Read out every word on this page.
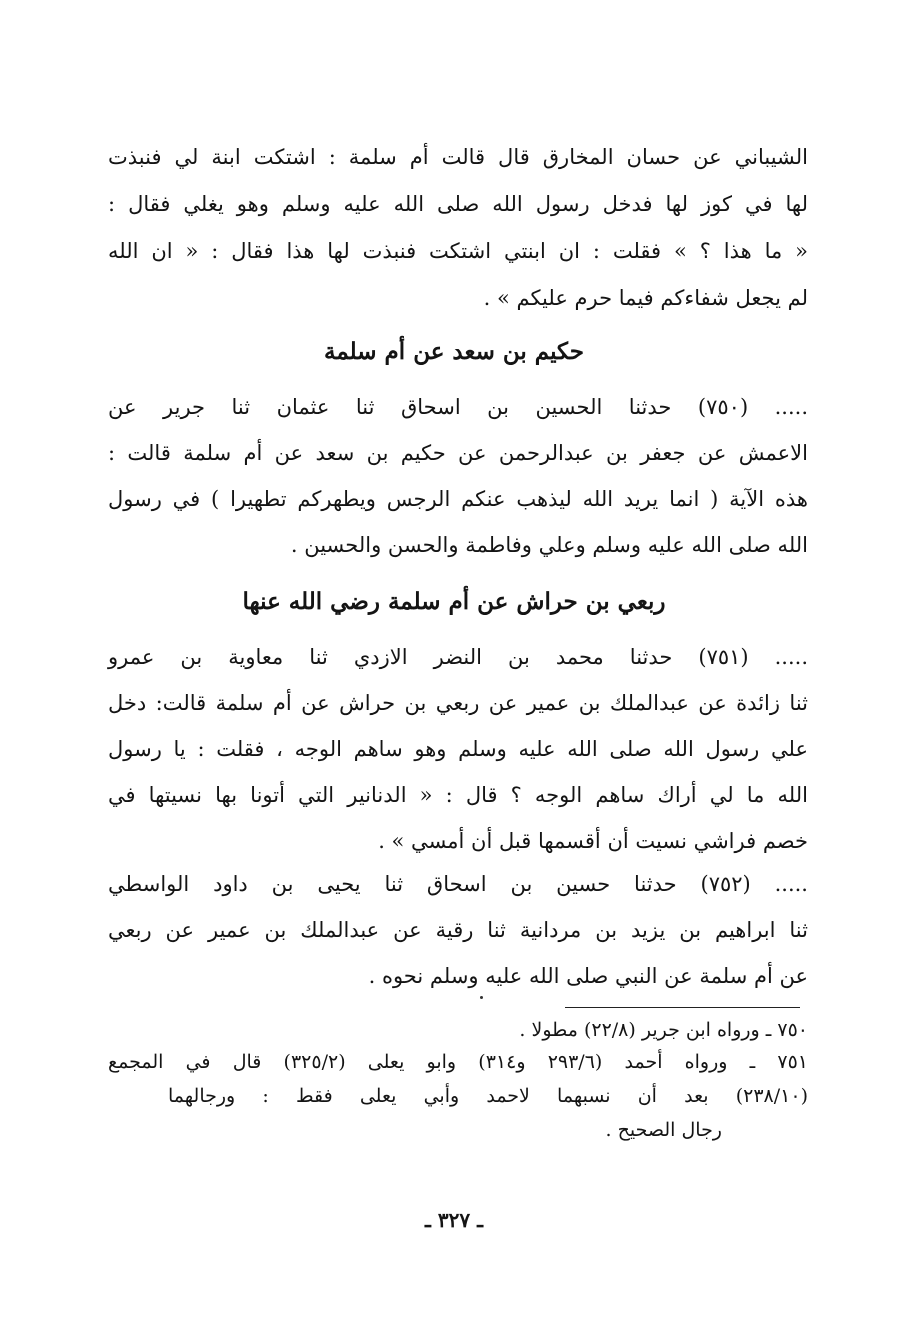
الشيباني عن حسان المخارق قال قالت أم سلمة : اشتكت ابنة لي فنبذت
لها في كوز لها فدخل رسول الله صلى الله عليه وسلم وهو يغلي فقال :
« ما هذا ؟ » فقلت : ان ابنتي اشتكت فنبذت لها هذا فقال : « ان الله
لم يجعل شفاءكم فيما حرم عليكم » .
حكيم بن سعد عن أم سلمة
..... (٧٥٠) حدثنا الحسين بن اسحاق ثنا عثمان ثنا جرير عن
الاعمش عن جعفر بن عبدالرحمن عن حكيم بن سعد عن أم سلمة قالت :
هذه الآية ( انما يريد الله ليذهب عنكم الرجس ويطهركم تطهيرا ) في رسول
الله صلى الله عليه وسلم وعلي وفاطمة والحسن والحسين .
ربعي بن حراش عن أم سلمة رضي الله عنها
..... (٧٥١) حدثنا محمد بن النضر الازدي ثنا معاوية بن عمرو
ثنا زائدة عن عبدالملك بن عمير عن ربعي بن حراش عن أم سلمة قالت: دخل
علي رسول الله صلى الله عليه وسلم وهو ساهم الوجه ، فقلت : يا رسول
الله ما لي أراك ساهم الوجه ؟ قال : « الدنانير التي أتونا بها نسيتها في
خصم فراشي نسيت أن أقسمها قبل أن أمسي » .
..... (٧٥٢) حدثنا حسين بن اسحاق ثنا يحيى بن داود الواسطي
ثنا ابراهيم بن يزيد بن مردانية ثنا رقية عن عبدالملك بن عمير عن ربعي
عن أم سلمة عن النبي صلى الله عليه وسلم نحوه .
٧٥٠ ـ ورواه ابن جرير (٢٢/٨) مطولا .
٧٥١ ـ ورواه أحمد (٢٩٣/٦ و٣١٤) وابو يعلى (٣٢٥/٢) قال في المجمع
(٢٣٨/١٠) بعد أن نسبهما لاحمد وأبي يعلى فقط : ورجالهما
رجال الصحيح .
ـ ٣٢٧ ـ
